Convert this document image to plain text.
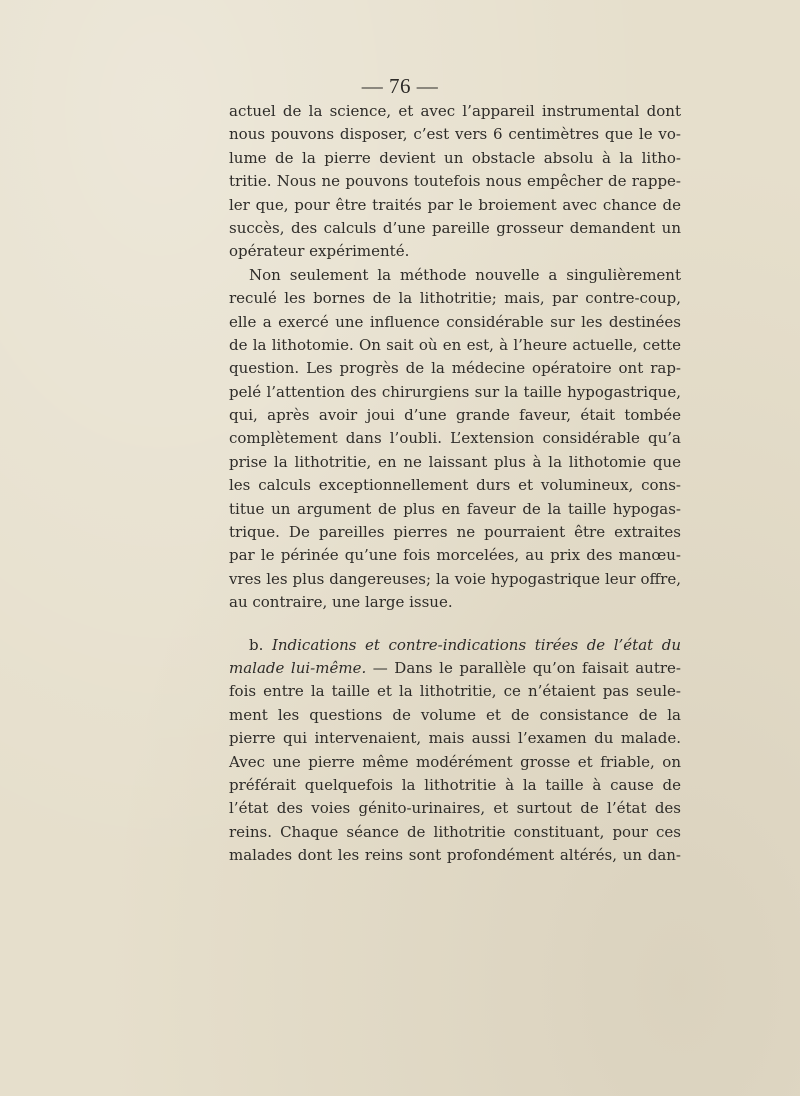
— 76 —
actuel de la science, et avec l’appareil instrumental dont
nous pouvons disposer, c’est vers 6 centimètres que le vo-
lume de la pierre devient un obstacle absolu à la litho-
tritie. Nous ne pouvons toutefois nous empêcher de rappe-
ler que, pour être traités par le broiement avec chance de
succès, des calculs d’une pareille grosseur demandent un
opérateur expérimenté.
Non seulement la méthode nouvelle a singulièrement
reculé les bornes de la lithotritie; mais, par contre-coup,
elle a exercé une influence considérable sur les destinées
de la lithotomie. On sait où en est, à l’heure actuelle, cette
question. Les progrès de la médecine opératoire ont rap-
pelé l’attention des chirurgiens sur la taille hypogastrique,
qui, après avoir joui d’une grande faveur, était tombée
complètement dans l’oubli. L’extension considérable qu’a
prise la lithotritie, en ne laissant plus à la lithotomie que
les calculs exceptionnellement durs et volumineux, cons-
titue un argument de plus en faveur de la taille hypogas-
trique. De pareilles pierres ne pourraient être extraites
par le périnée qu’une fois morcelées, au prix des manœu-
vres les plus dangereuses; la voie hypogastrique leur offre,
au contraire, une large issue.
b. Indications et contre-indications tirées de l’état du
malade lui-même. — Dans le parallèle qu’on faisait autre-
fois entre la taille et la lithotritie, ce n’étaient pas seule-
ment les questions de volume et de consistance de la
pierre qui intervenaient, mais aussi l’examen du malade.
Avec une pierre même modérément grosse et friable, on
préférait quelquefois la lithotritie à la taille à cause de
l’état des voies génito-urinaires, et surtout de l’état des
reins. Chaque séance de lithotritie constituant, pour ces
malades dont les reins sont profondément altérés, un dan-
